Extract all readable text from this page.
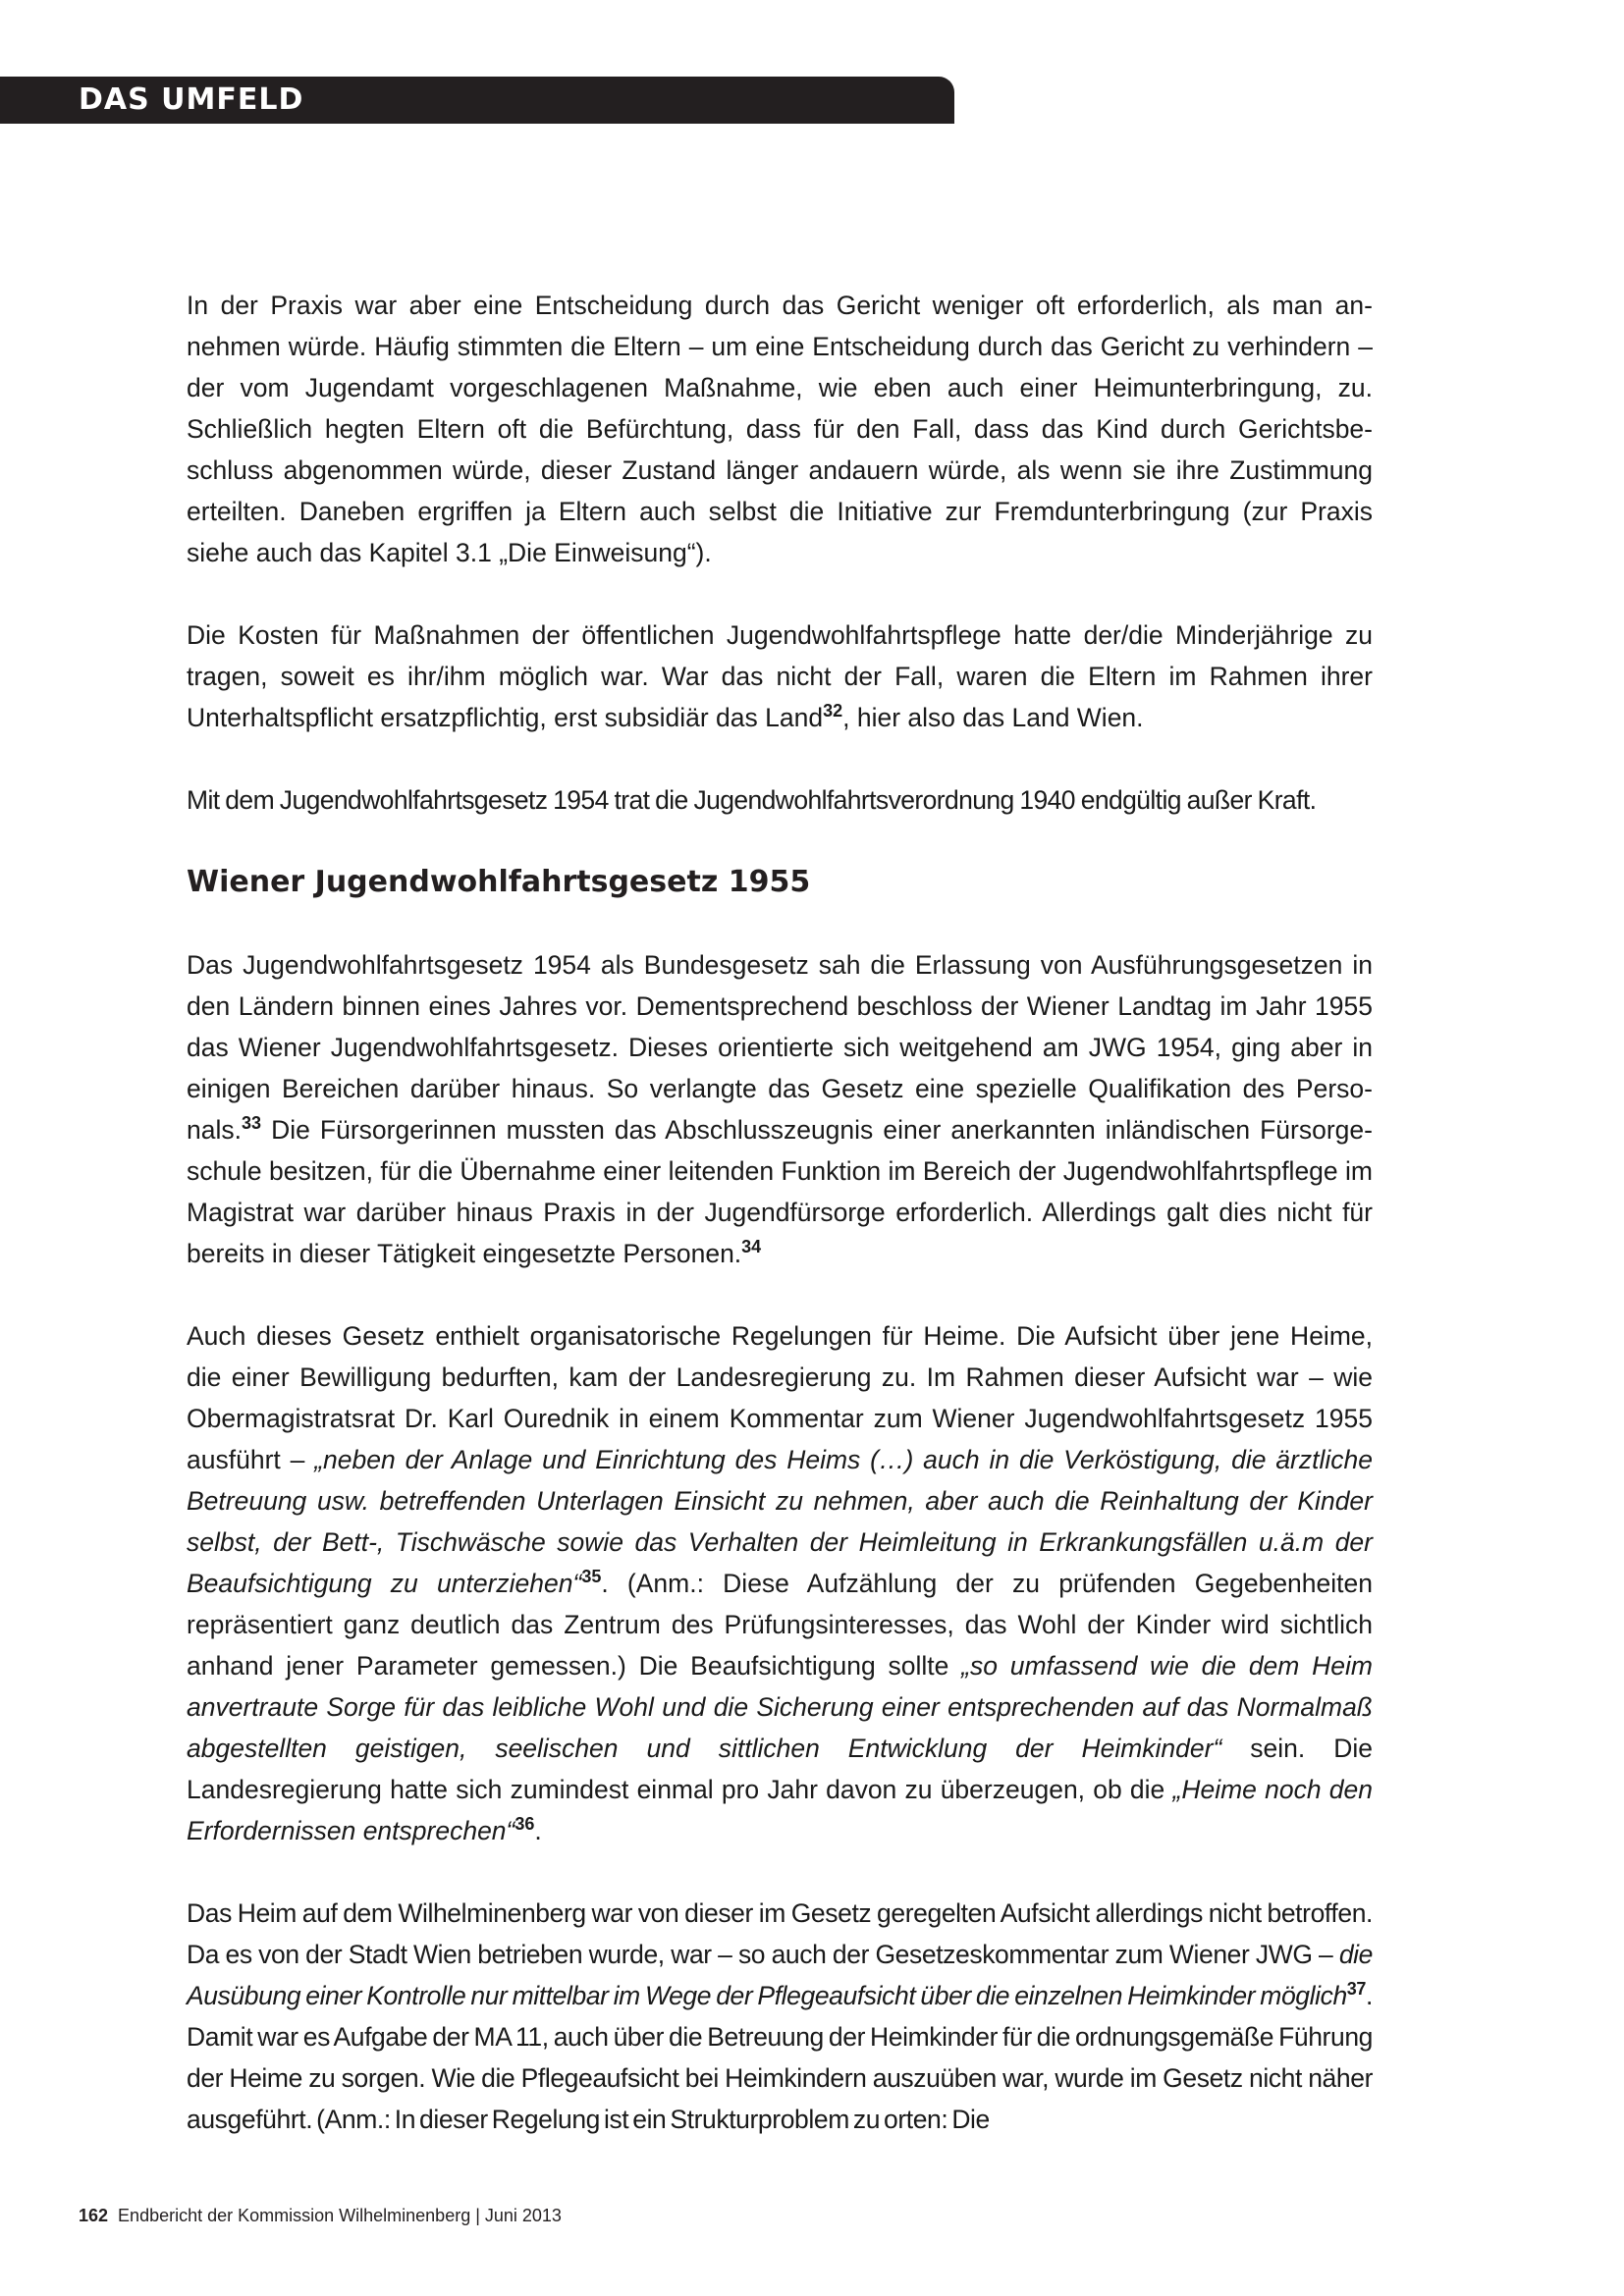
DAS UMFELD

In der Praxis war aber eine Entscheidung durch das Gericht weniger oft erforderlich, als man annehmen würde. Häufig stimmten die Eltern – um eine Entscheidung durch das Gericht zu verhindern – der vom Jugendamt vorgeschlagenen Maßnahme, wie eben auch einer Heimunterbringung, zu. Schließlich hegten Eltern oft die Befürchtung, dass für den Fall, dass das Kind durch Gerichtsbeschluss abgenommen würde, dieser Zustand länger andauern würde, als wenn sie ihre Zustimmung erteilten. Daneben ergriffen ja Eltern auch selbst die Initiative zur Fremdunterbringung (zur Praxis siehe auch das Kapitel 3.1 „Die Einweisung“).

Die Kosten für Maßnahmen der öffentlichen Jugendwohlfahrtspflege hatte der/die Minderjährige zu tragen, soweit es ihr/ihm möglich war. War das nicht der Fall, waren die Eltern im Rahmen ihrer Unterhaltspflicht ersatzpflichtig, erst subsidiär das Land$^{32}$, hier also das Land Wien.

Mit dem Jugendwohlfahrtsgesetz 1954 trat die Jugendwohlfahrtsverordnung 1940 endgültig außer Kraft.

Wiener Jugendwohlfahrtsgesetz 1955

Das Jugendwohlfahrtsgesetz 1954 als Bundesgesetz sah die Erlassung von Ausführungsgesetzen in den Ländern binnen eines Jahres vor. Dementsprechend beschloss der Wiener Landtag im Jahr 1955 das Wiener Jugendwohlfahrtsgesetz. Dieses orientierte sich weitgehend am JWG 1954, ging aber in einigen Bereichen darüber hinaus. So verlangte das Gesetz eine spezielle Qualifikation des Personals.$^{33}$ Die Fürsorgerinnen mussten das Abschlusszeugnis einer anerkannten inländischen Fürsorgeschule besitzen, für die Übernahme einer leitenden Funktion im Bereich der Jugendwohlfahrtspflege im Magistrat war darüber hinaus Praxis in der Jugendfürsorge erforderlich. Allerdings galt dies nicht für bereits in dieser Tätigkeit eingesetzte Personen.$^{34}$

Auch dieses Gesetz enthielt organisatorische Regelungen für Heime. Die Aufsicht über jene Heime, die einer Bewilligung bedurften, kam der Landesregierung zu. Im Rahmen dieser Aufsicht war – wie Obermagistratsrat Dr. Karl Ourednik in einem Kommentar zum Wiener Jugendwohlfahrtsgesetz 1955 ausführt – „neben der Anlage und Einrichtung des Heims (…) auch in die Verköstigung, die ärztliche Betreuung usw. betreffenden Unterlagen Einsicht zu nehmen, aber auch die Reinhaltung der Kinder selbst, der Bett-, Tischwäsche sowie das Verhalten der Heimleitung in Erkrankungsfällen u.ä.m der Beaufsichtigung zu unterziehen“$^{35}$. (Anm.: Diese Aufzählung der zu prüfenden Gegebenheiten repräsentiert ganz deutlich das Zentrum des Prüfungsinteresses, das Wohl der Kinder wird sichtlich anhand jener Parameter gemessen.) Die Beaufsichtigung sollte „so umfassend wie die dem Heim anvertraute Sorge für das leibliche Wohl und die Sicherung einer entsprechenden auf das Normalmaß abgestellten geistigen, seelischen und sittlichen Entwicklung der Heimkinder“ sein. Die Landesregierung hatte sich zumindest einmal pro Jahr davon zu überzeugen, ob die „Heime noch den Erfordernissen entsprechen“$^{36}$.

Das Heim auf dem Wilhelminenberg war von dieser im Gesetz geregelten Aufsicht allerdings nicht betroffen. Da es von der Stadt Wien betrieben wurde, war – so auch der Gesetzeskommentar zum Wiener JWG – die Ausübung einer Kontrolle nur mittelbar im Wege der Pflegeaufsicht über die einzelnen Heimkinder möglich$^{37}$. Damit war es Aufgabe der MA 11, auch über die Betreuung der Heimkinder für die ordnungsgemäße Führung der Heime zu sorgen. Wie die Pflegeaufsicht bei Heimkindern auszuüben war, wurde im Gesetz nicht näher ausgeführt. (Anm.: In dieser Regelung ist ein Strukturproblem zu orten: Die

162 Endbericht der Kommission Wilhelminenberg | Juni 2013
